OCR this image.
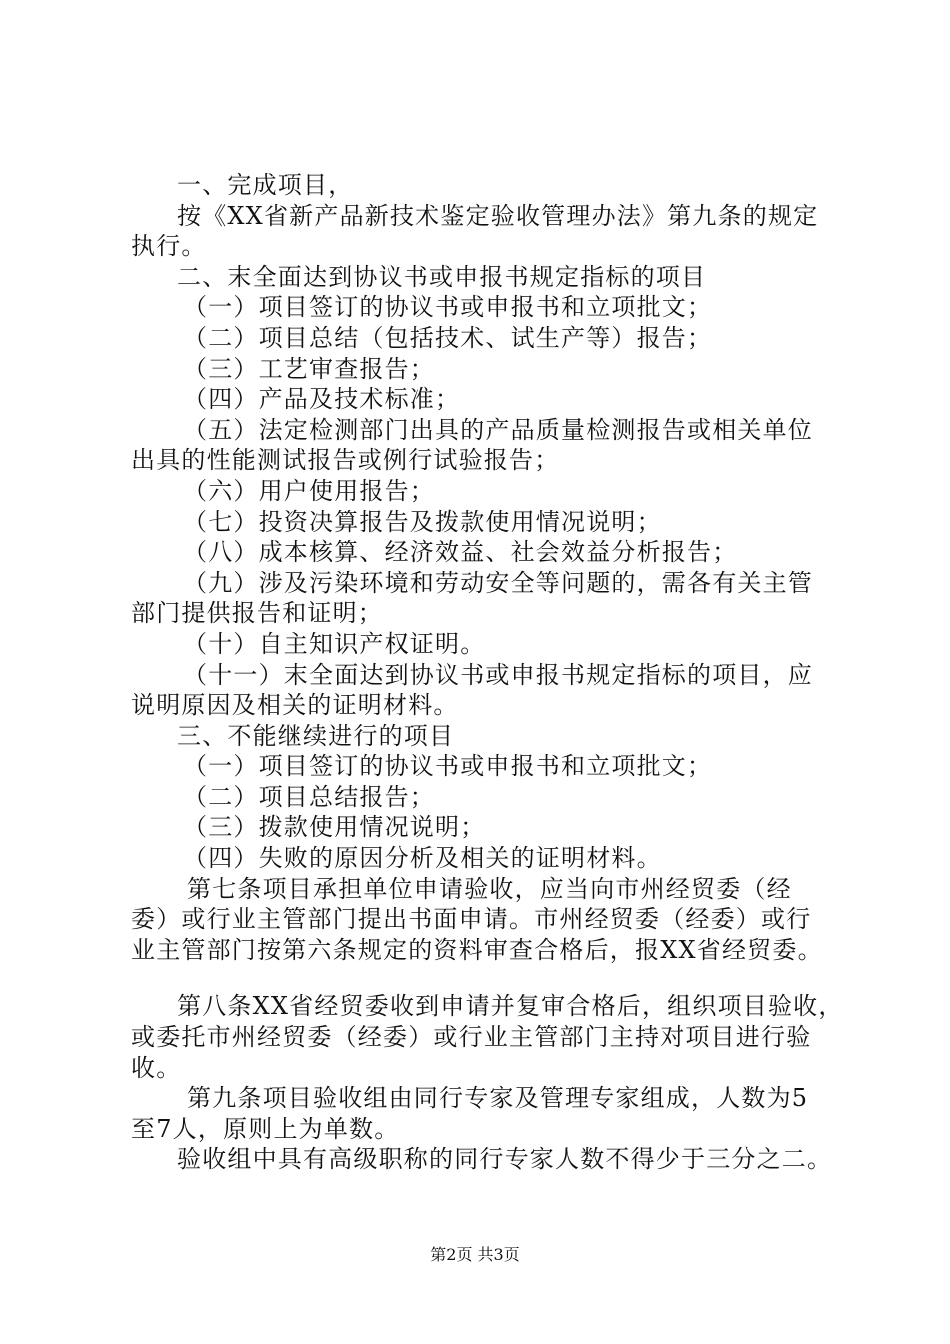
一、完成项目，
按《XX省新产品新技术鉴定验收管理办法》第九条的规定
执行。
二、末全面达到协议书或申报书规定指标的项目
（一）项目签订的协议书或申报书和立项批文；
（二）项目总结（包括技术、试生产等）报告；
（三）工艺审查报告；
（四）产品及技术标准；
（五）法定检测部门出具的产品质量检测报告或相关单位
出具的性能测试报告或例行试验报告；
（六）用户使用报告；
（七）投资决算报告及拨款使用情况说明；
（八）成本核算、经济效益、社会效益分析报告；
（九）涉及污染环境和劳动安全等问题的，需各有关主管
部门提供报告和证明；
（十）自主知识产权证明。
（十一）末全面达到协议书或申报书规定指标的项目，应
说明原因及相关的证明材料。
三、不能继续进行的项目
（一）项目签订的协议书或申报书和立项批文；
（二）项目总结报告；
（三）拨款使用情况说明；
（四）失败的原因分析及相关的证明材料。
第七条项目承担单位申请验收，应当向市州经贸委（经
委）或行业主管部门提出书面申请。市州经贸委（经委）或行
业主管部门按第六条规定的资料审查合格后，报XX省经贸委。
第八条XX省经贸委收到申请并复审合格后，组织项目验收，
或委托市州经贸委（经委）或行业主管部门主持对项目进行验
收。
第九条项目验收组由同行专家及管理专家组成，人数为5
至7人，原则上为单数。
验收组中具有高级职称的同行专家人数不得少于三分之二。
第2页 共3页
